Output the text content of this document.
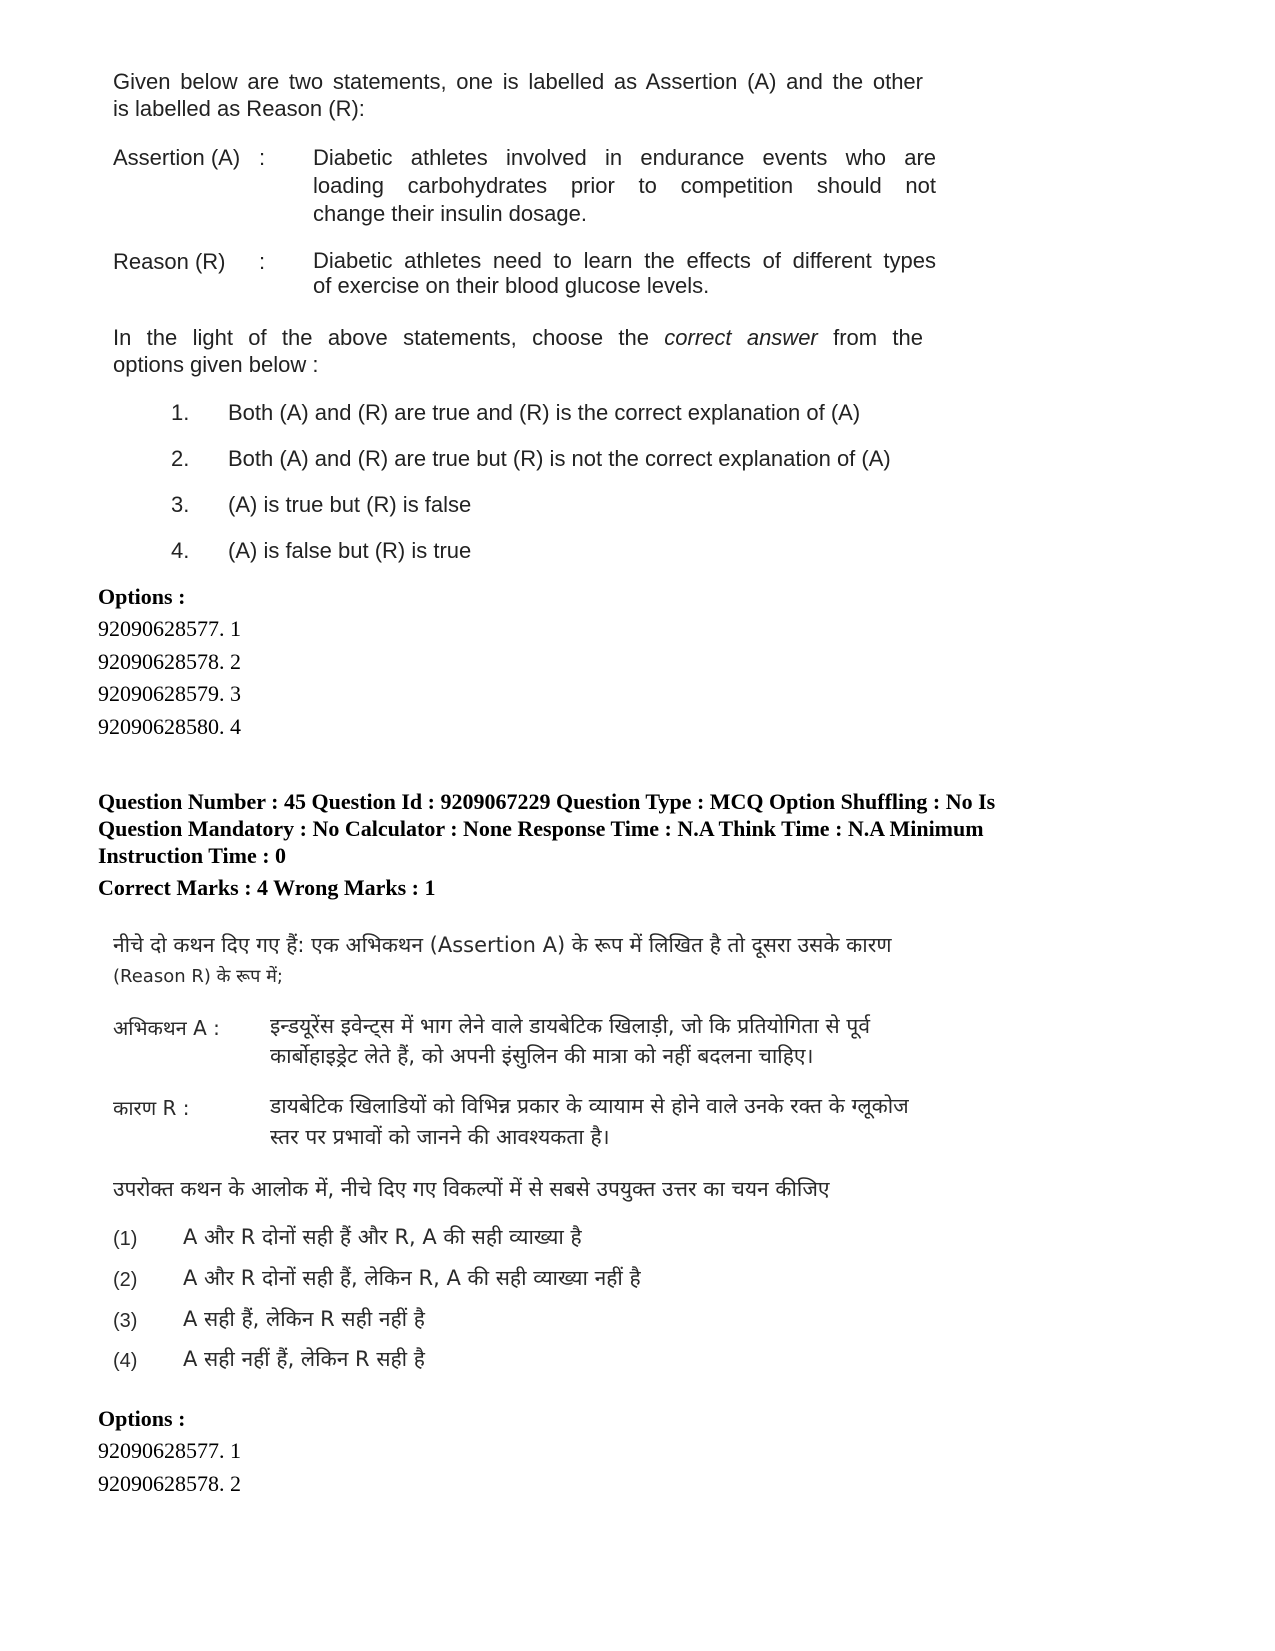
Given below are two statements, one is labelled as Assertion (A) and the other
is labelled as Reason (R):
Assertion (A) : Diabetic athletes involved in endurance events who are
loading carbohydrates prior to competition should not
change their insulin dosage.
Reason (R) : Diabetic athletes need to learn the effects of different types
of exercise on their blood glucose levels.
In the light of the above statements, choose the correct answer from the
options given below :
1. Both (A) and (R) are true and (R) is the correct explanation of (A)
2. Both (A) and (R) are true but (R) is not the correct explanation of (A)
3. (A) is true but (R) is false
4. (A) is false but (R) is true
Options :
92090628577. 1
92090628578. 2
92090628579. 3
92090628580. 4
Question Number : 45 Question Id : 9209067229 Question Type : MCQ Option Shuffling : No Is
Question Mandatory : No Calculator : None Response Time : N.A Think Time : N.A Minimum
Instruction Time : 0
Correct Marks : 4 Wrong Marks : 1
नीचे दो कथन दिए गए हैं: एक अभिकथन (Assertion A) के रूप में लिखित है तो दूसरा उसके कारण
(Reason R) के रूप में;
अभिकथन A : इन्डयूरेंस इवेन्ट्स में भाग लेने वाले डायबेटिक खिलाड़ी, जो कि प्रतियोगिता से पूर्व
कार्बोहाइड्रेट लेते हैं, को अपनी इंसुलिन की मात्रा को नहीं बदलना चाहिए।
कारण R :	डायबेटिक खिलाडियों को विभिन्न प्रकार के व्यायाम से होने वाले उनके रक्त के ग्लूकोज
स्तर पर प्रभावों को जानने की आवश्यकता है।
उपरोक्त कथन के आलोक में, नीचे दिए गए विकल्पों में से सबसे उपयुक्त उत्तर का चयन कीजिए
(1) A और R दोनों सही हैं और R, A की सही व्याख्या है
(2) A और R दोनों सही हैं, लेकिन R, A की सही व्याख्या नहीं है
(3) A सही हैं, लेकिन R सही नहीं है
(4) A सही नहीं हैं, लेकिन R सही है
Options :
92090628577. 1
92090628578. 2
